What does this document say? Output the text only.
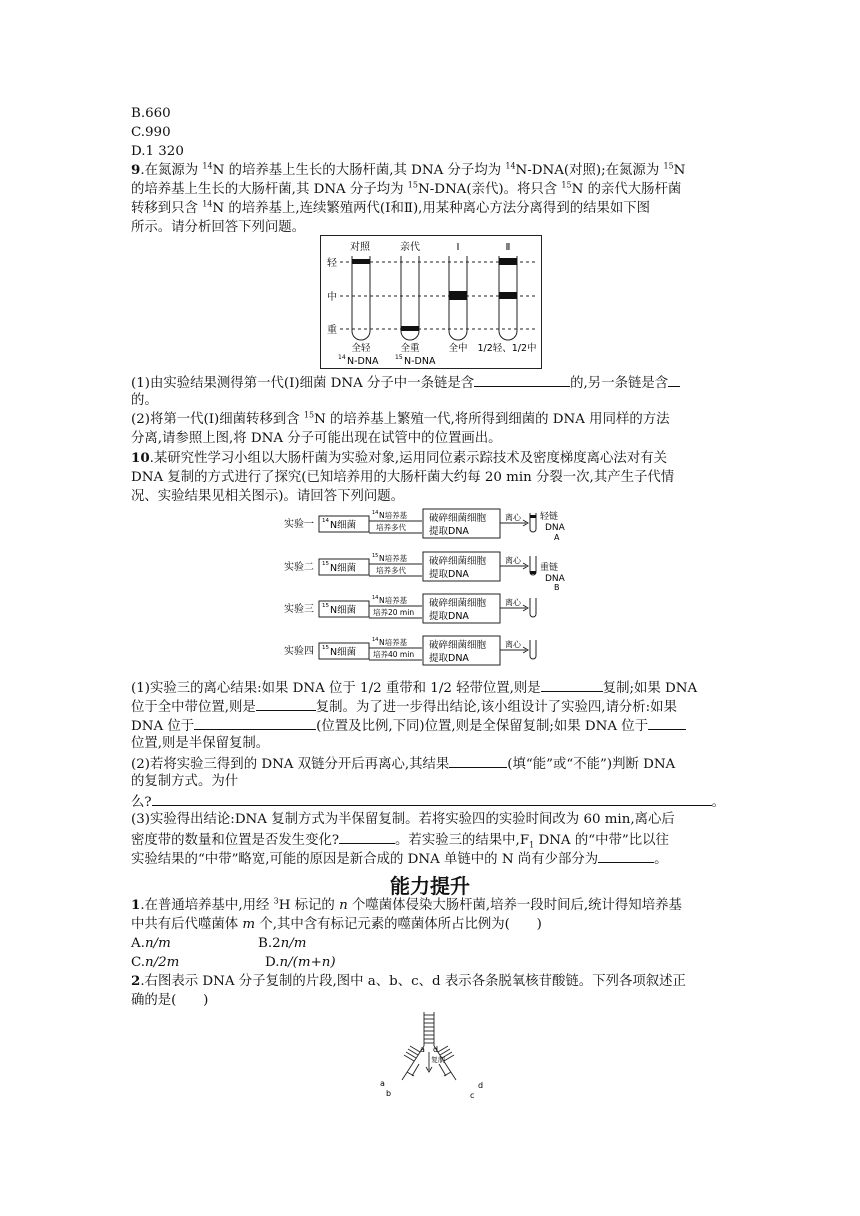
B.660
C.990
D.1 320
9.在氮源为 $^{14}$N 的培养基上生长的大肠杆菌,其 DNA 分子均为 $^{14}$N-DNA(对照);在氮源为 $^{15}$N
的培养基上生长的大肠杆菌,其 DNA 分子均为 $^{15}$N-DNA(亲代)。将只含 $^{15}$N 的亲代大肠杆菌
转移到只含 $^{14}$N 的培养基上,连续繁殖两代(Ⅰ和Ⅱ),用某种离心方法分离得到的结果如下图
所示。请分析回答下列问题。
对照	亲代	Ⅰ	Ⅱ
轻
中
重
全轻	全重	全中 1/2轻、1/2中
14 N-DNA	15 N-DNA
(1)由实验结果测得第一代(Ⅰ)细菌 DNA 分子中一条链是含	的,另一条链是含
的。
(2)将第一代(Ⅰ)细菌转移到含 $^{15}$N 的培养基上繁殖一代,将所得到细菌的 DNA 用同样的方法
分离,请参照上图,将 DNA 分子可能出现在试管中的位置画出。
10.某研究性学习小组以大肠杆菌为实验对象,运用同位素示踪技术及密度梯度离心法对有关
DNA 复制的方式进行了探究(已知培养用的大肠杆菌大约每 20 min 分裂一次,其产生子代情
况、实验结果见相关图示)。请回答下列问题。
实验一 14 N细菌
14 N培养基
培养多代
破碎细菌细胞
提取DNA
离心 轻链
DNA
A
实验二 15 N细菌
15 N培养基
培养多代
破碎细菌细胞
提取DNA
离心
重链
DNA
B
实验三 15 N细菌
14 N培养基
培养20 min
破碎细菌细胞
提取DNA
离心
实验四 15 N细菌
14 N培养基
培养40 min
破碎细菌细胞
提取DNA
离心
(1)实验三的离心结果:如果 DNA 位于 1/2 重带和 1/2 轻带位置,则是	复制;如果 DNA
位于全中带位置,则是	复制。为了进一步得出结论,该小组设计了实验四,请分析:如果
DNA 位于	(位置及比例,下同)位置,则是全保留复制;如果 DNA 位于
位置,则是半保留复制。
(2)若将实验三得到的 DNA 双链分开后再离心,其结果	(填“能”或“不能”)判断 DNA
的复制方式。为什
么?	。
(3)实验得出结论:DNA 复制方式为半保留复制。若将实验四的实验时间改为 60 min,离心后
密度带的数量和位置是否发生变化?	。若实验三的结果中$,F_1$ DNA 的“中带”比以往
实验结果的“中带”略宽,可能的原因是新合成的 DNA 单链中的 N 尚有少部分为	。
能力提升
1.在普通培养基中,用经 $^3$H 标记的 n 个噬菌体侵染大肠杆菌,培养一段时间后,统计得知培养基
中共有后代噬菌体 m 个,其中含有标记元素的噬菌体所占比例为(　　)
A.n/m	B.2n/m
C.n/2m	D.n/(m+n)
2.右图表示 DNA 分子复制的片段,图中 a、b、c、d 表示各条脱氧核苷酸链。下列各项叙述正
确的是(　　)
a d
复制
a
b
d
c
